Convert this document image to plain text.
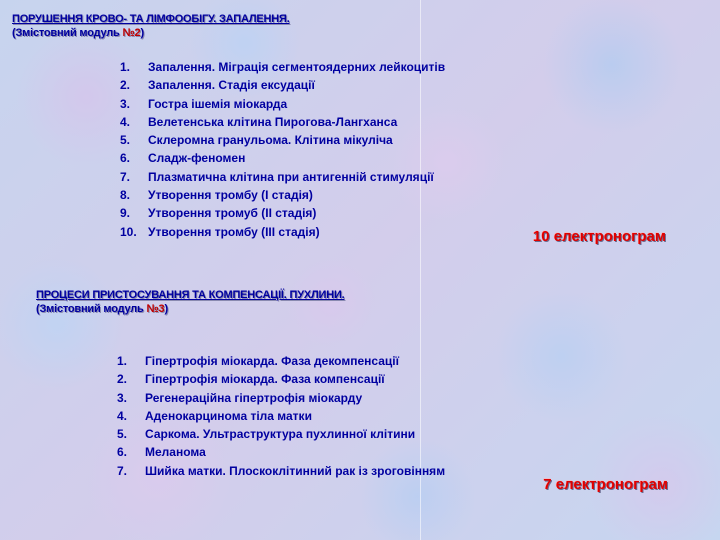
ПОРУШЕННЯ КРОВО- ТА ЛІМФООБІГУ. ЗАПАЛЕННЯ.
(Змістовний модуль №2)
1.	Запалення. Міграція сегментоядерних лейкоцитів
2.	Запалення. Стадія ексудації
3.	Гостра ішемія міокарда
4.	Велетенська клітина Пирогова-Лангханса
5.	Склеромна гранульома. Клітина мікуліча
6.	Сладж-феномен
7.	Плазматична клітина при антигенній стимуляції
8.	Утворення тромбу (І стадія)
9.	Утворення тромуб (ІІ стадія)
10. Утворення тромбу (ІІІ стадія)	10 електронограм

ПРОЦЕСИ ПРИСТОСУВАННЯ ТА КОМПЕНСАЦІЇ. ПУХЛИНИ.
(Змістовний модуль №3)
1.	Гіпертрофія міокарда. Фаза декомпенсації
2.	Гіпертрофія міокарда. Фаза компенсації
3.	Регенераційна гіпертрофія міокарду
4.	Аденокарцинома тіла матки
5.	Саркома. Ультраструктура пухлинної клітини
6.	Меланома
7.	Шийка матки. Плоскоклітинний рак із зроговінням

7 електронограм
